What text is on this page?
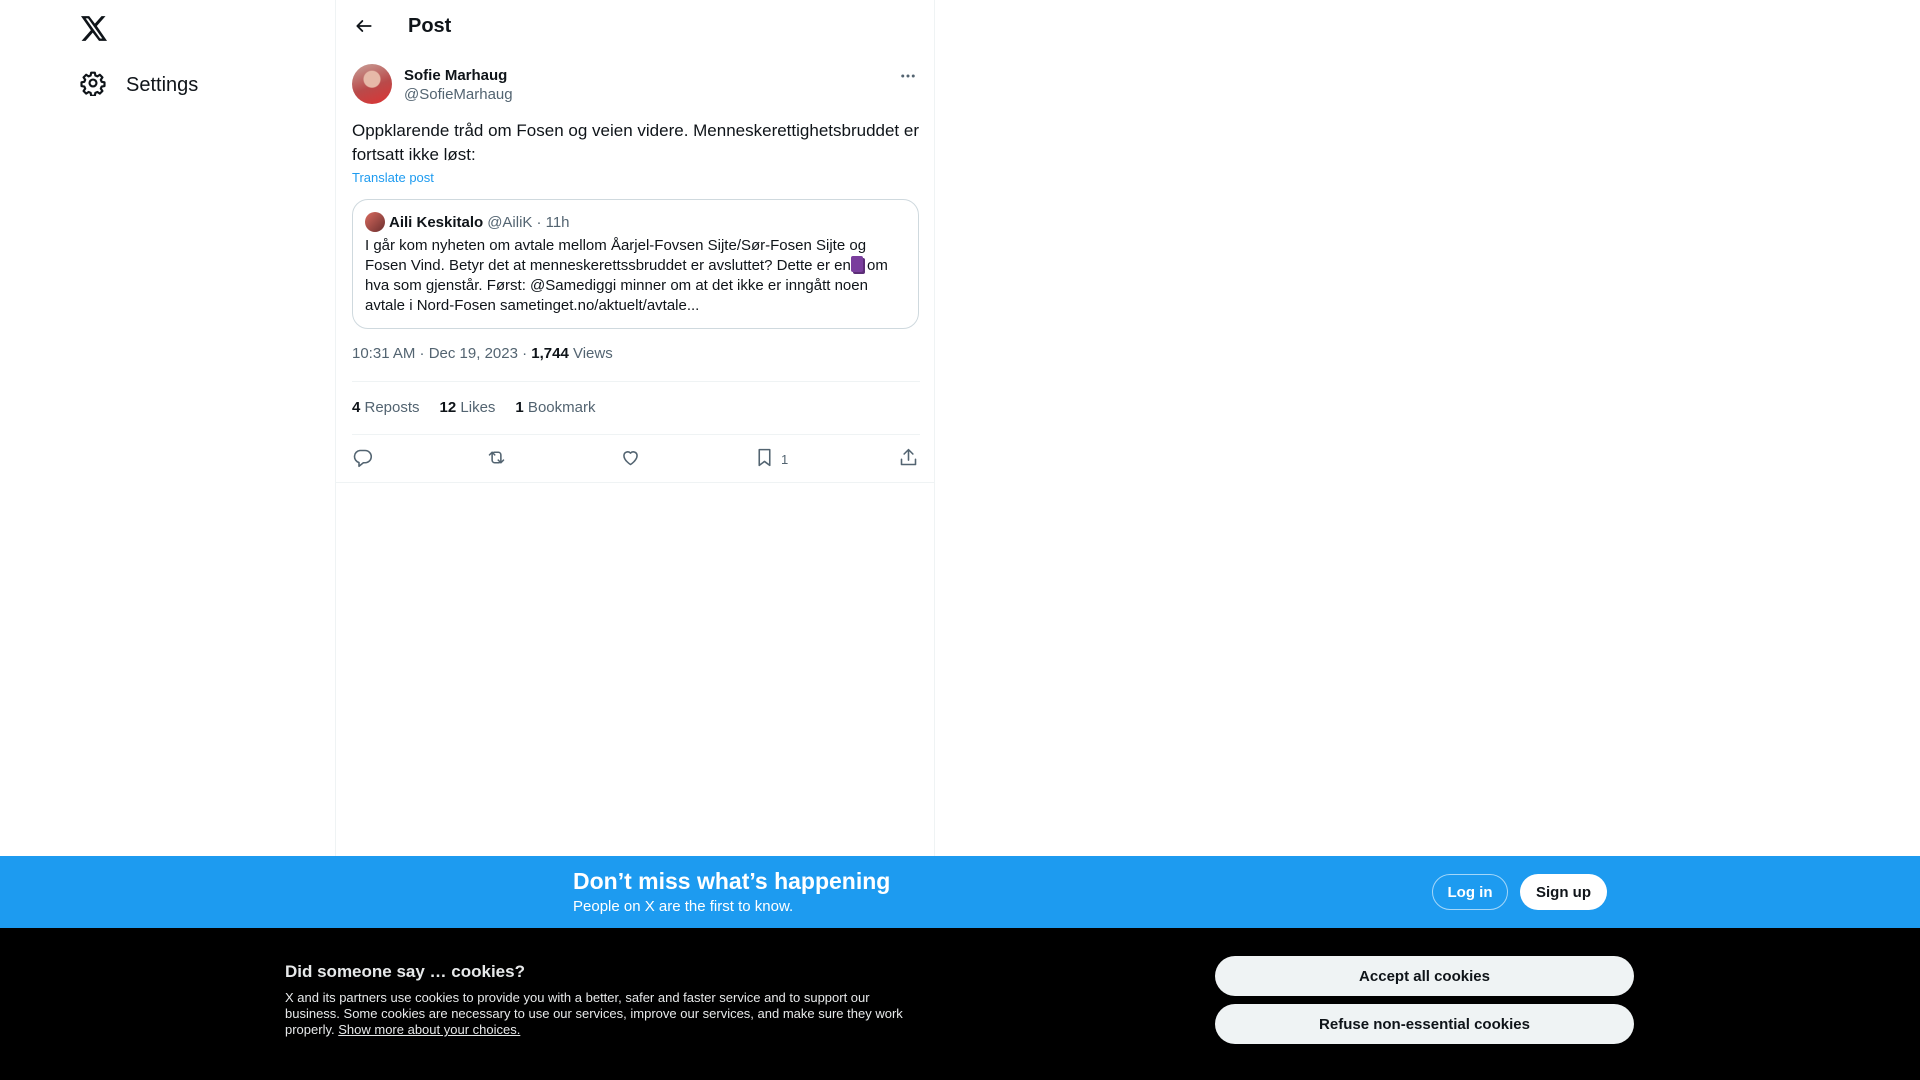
Settings
Post
Sofie Marhaug
@SofieMarhaug
Oppklarende tråd om Fosen og veien videre. Menneskerettighetsbruddet er fortsatt ikke løst:
Translate post
Aili Keskitalo @AiliK · 11h
I går kom nyheten om avtale mellom Åarjel-Fovsen Sijte/Sør-Fosen Sijte og Fosen Vind. Betyr det at menneskerettssbruddet er avsluttet? Dette er en om hva som gjenstår. Først: @Samediggi minner om at det ikke er inngått noen avtale i Nord-Fosen sametinget.no/aktuelt/avtale...
10:31 AM · Dec 19, 2023 · 1,744 Views
4 Reposts 12 Likes 1 Bookmark
1
Don’t miss what’s happening
People on X are the first to know.
Log in	Sign up
Did someone say … cookies?
X and its partners use cookies to provide you with a better, safer and faster service and to support our business. Some cookies are necessary to use our services, improve our services, and make sure they work properly. Show more about your choices.
Accept all cookies
Refuse non-essential cookies
